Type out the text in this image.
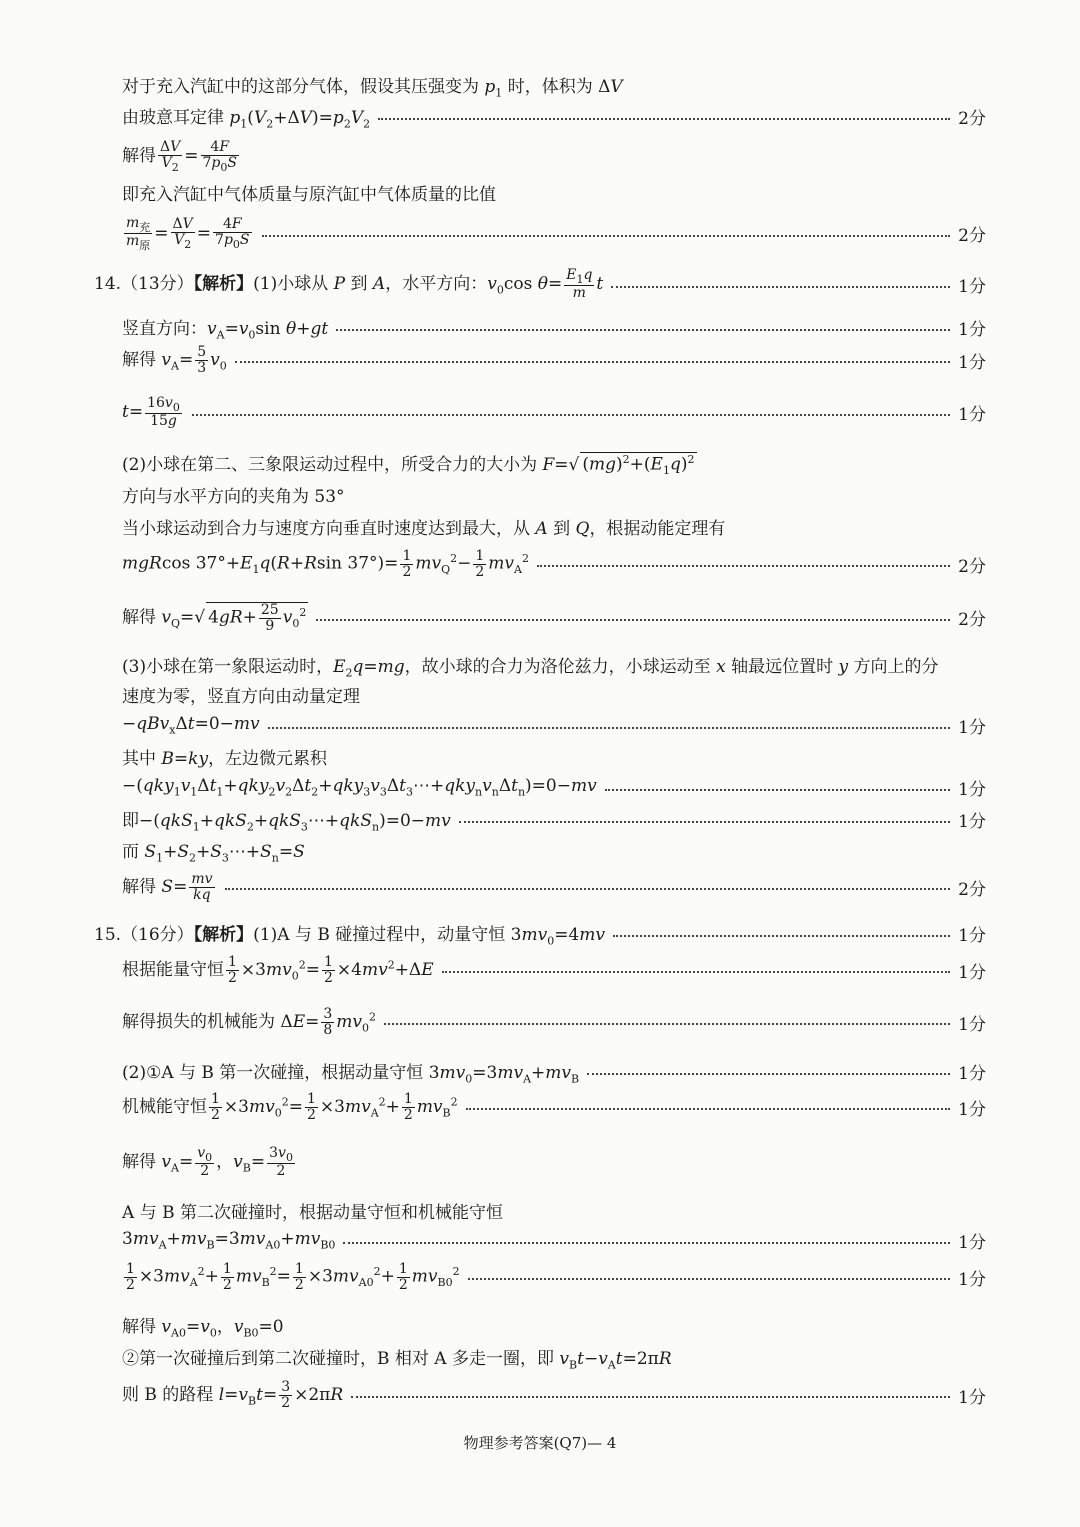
对于充入汽缸中的这部分气体，假设其压强变为 $p_1$ 时，体积为 ΔV
由玻意耳定律 $p_1(V_2+\Delta V)=p_2V_2$	2分
解得 $\frac{\Delta V}{V_2} = \frac{4F}{7p_0S}$
即充入汽缸中气体质量与原汽缸中气体质量的比值
$m_充$
$m_原$
= $\frac{\Delta V}{V_2} = \frac{4F}{7p_0S}$	2分
14.（13分）【解析】(1)小球从 P 到 A，水平方向：$v_0\cos$ $\theta= \frac{E_1q}{m}$ t	1分
竖直方向：$v_A=v_0\sin$ θ+gt	1分
解得 $v_A= \frac{5}{3} v_0$	1分
$t= \frac{16v_0}{15g}$	1分
(2)小球在第二、三象限运动过程中，所受合力的大小为 F=√ $(mg)^2+(E_1q)^2$
方向与水平方向的夹角为 53°
当小球运动到合力与速度方向垂直时速度达到最大，从 A 到 Q，根据动能定理有
mgRcos $37^\circ+E_1q(R+Rsin$ $37^\circ)= \frac{1}{2} mv_Q^2- \frac{1}{2} mv_A^2$	2分
解得 $v_Q=√$ $4gR+ \frac{25}{9} v_0^2$	2分
(3)小球在第一象限运动时，$E_2q=mg$，故小球的合力为洛伦兹力，小球运动至 x 轴最远位置时 y 方向上的分
速度为零，竖直方向由动量定理
−qBv$_x$Δt=0−mv	1分
其中 B=ky，左边微元累积
$-(qky_1v_1\Delta t_1+qky_2v_2\Delta t_2+qky_3v_3\Delta t_3\cdots+qky_nv_n\Delta t_n)=0-mv$	1分
即−(qkS$_1$+qkS$_2$+qkS$_3$⋯+qkS$_n$)=0−mv	1分
而 $S_1+S_2+S_3\cdots+S_n=S$
解得 $S= \frac{mv}{kq}$	2分
15.（16分）【解析】(1)A 与 B 碰撞过程中，动量守恒 $3mv_0=4mv$	1分
根据能量守恒 $\frac{1}{2} \times 3mv_0^2= \frac{1}{2} \times 4mv^2+\Delta E$	1分
解得损失的机械能为 $\Delta E= \frac{3}{8} mv_0^2$	1分
(2)①A 与 B 第一次碰撞，根据动量守恒 $3mv_0=3mv_A+mv_B$	1分
机械能守恒 $\frac{1}{2} \times 3mv_0^2= \frac{1}{2} \times 3mv_A^2+ \frac{1}{2} mv_B^2$	1分
解得 $v_A= \frac{v_0}{2}$ ，$v_B= \frac{3v_0}{2}$
A 与 B 第二次碰撞时，根据动量守恒和机械能守恒
$3mv_A+mv_B=3mv_{A0}+mv_{B0}$	1分
$\frac{1}{2} \times 3mv_A^2+ \frac{1}{2} mv_B^2= \frac{1}{2} \times 3mv_{A0}^2+ \frac{1}{2} mv_{B0}^2$	1分
解得 $v_{A0}=v_0$，$v_{B0}=0$
②第一次碰撞后到第二次碰撞时，B 相对 A 多走一圈，即 $v_Bt-v_At=2\pi R$
则 B 的路程 $l=v_Bt= \frac{3}{2} \times 2\pi R$	1分
物理参考答案(Q7)— 4
